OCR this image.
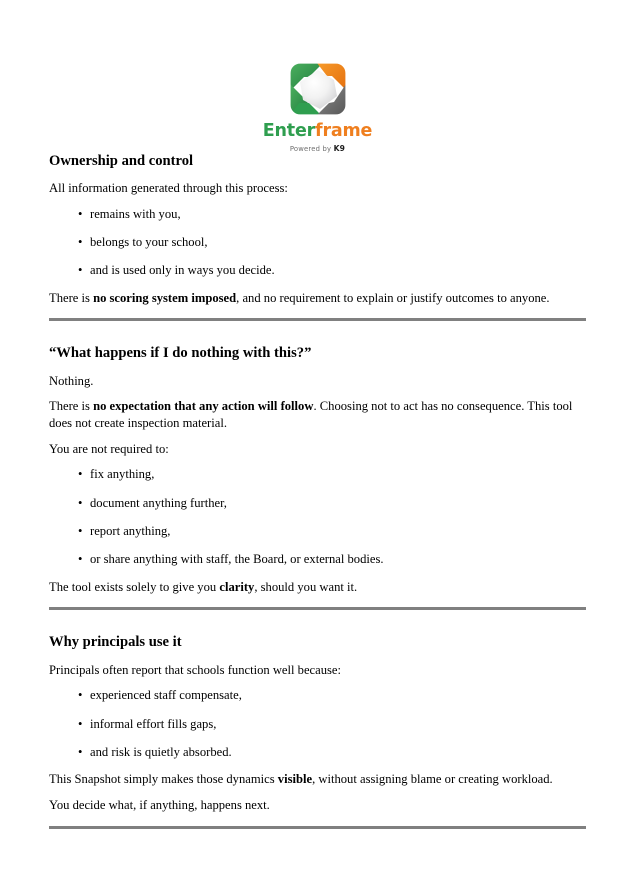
Enterframe
Powered by K9
Ownership and control

All information generated through this process:

• remains with you,
• belongs to your school,
• and is used only in ways you decide.

There is no scoring system imposed, and no requirement to explain or justify outcomes to anyone.

“What happens if I do nothing with this?”

Nothing.

There is no expectation that any action will follow. Choosing not to act has no consequence. This tool does not create inspection material.

You are not required to:

• fix anything,
• document anything further,
• report anything,
• or share anything with staff, the Board, or external bodies.

The tool exists solely to give you clarity, should you want it.

Why principals use it

Principals often report that schools function well because:

• experienced staff compensate,
• informal effort fills gaps,
• and risk is quietly absorbed.

This Snapshot simply makes those dynamics visible, without assigning blame or creating workload.

You decide what, if anything, happens next.
